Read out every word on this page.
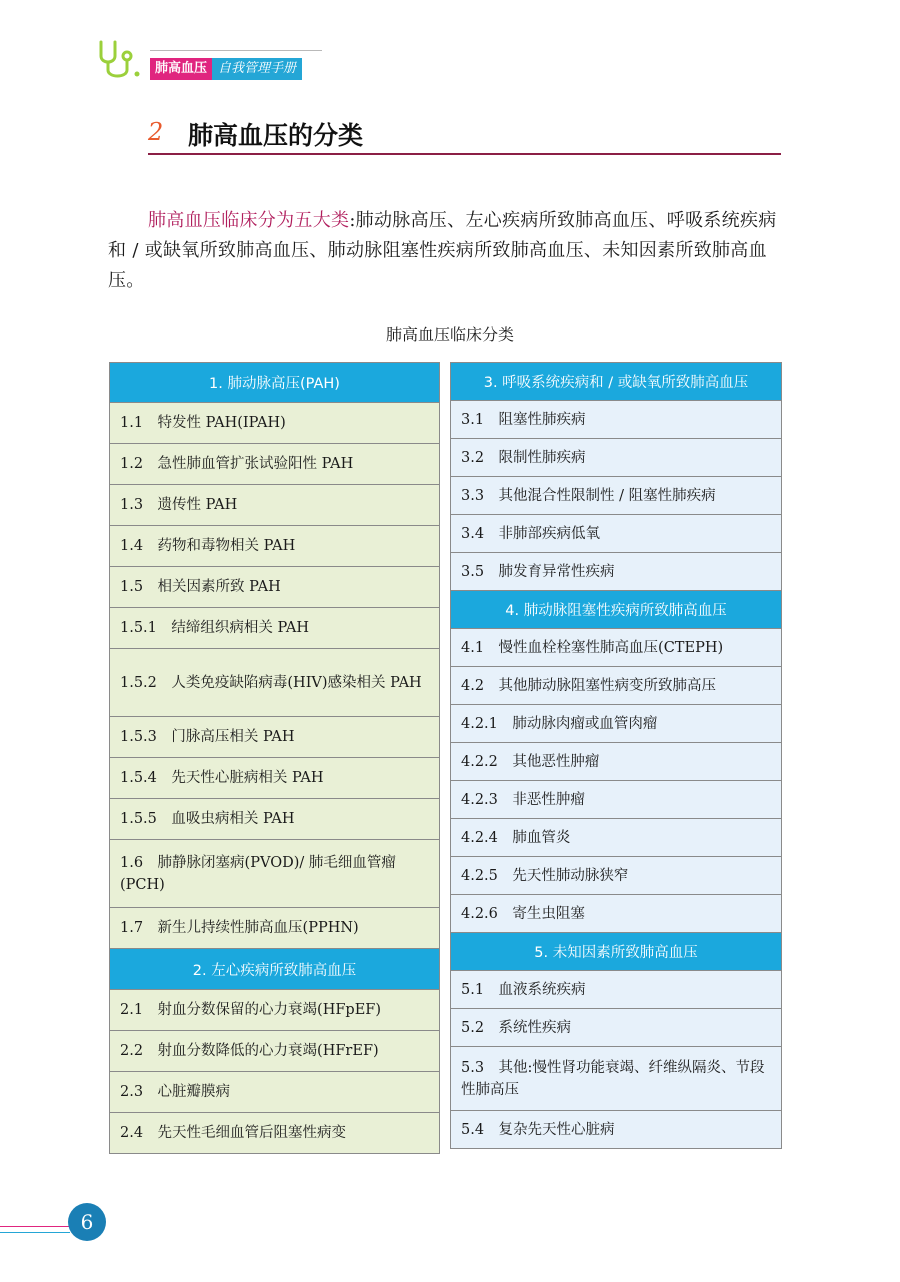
肺高血压 自我管理手册
2 肺高血压的分类
肺高血压临床分为五大类:肺动脉高压、左心疾病所致肺高血压、呼吸系统疾病和 / 或缺氧所致肺高血压、肺动脉阻塞性疾病所致肺高血压、未知因素所致肺高血压。
肺高血压临床分类
1. 肺动脉高压(PAH)
1.1　特发性 PAH(IPAH)
1.2　急性肺血管扩张试验阳性 PAH
1.3　遗传性 PAH
1.4　药物和毒物相关 PAH
1.5　相关因素所致 PAH
1.5.1　结缔组织病相关 PAH
1.5.2　人类免疫缺陷病毒(HIV)感染相关 PAH
1.5.3　门脉高压相关 PAH
1.5.4　先天性心脏病相关 PAH
1.5.5　血吸虫病相关 PAH
1.6　肺静脉闭塞病(PVOD)/ 肺毛细血管瘤(PCH)
1.7　新生儿持续性肺高血压(PPHN)
2. 左心疾病所致肺高血压
2.1　射血分数保留的心力衰竭(HFpEF)
2.2　射血分数降低的心力衰竭(HFrEF)
2.3　心脏瓣膜病
2.4　先天性毛细血管后阻塞性病变
3. 呼吸系统疾病和 / 或缺氧所致肺高血压
3.1　阻塞性肺疾病
3.2　限制性肺疾病
3.3　其他混合性限制性 / 阻塞性肺疾病
3.4　非肺部疾病低氧
3.5　肺发育异常性疾病
4. 肺动脉阻塞性疾病所致肺高血压
4.1　慢性血栓栓塞性肺高血压(CTEPH)
4.2　其他肺动脉阻塞性病变所致肺高压
4.2.1　肺动脉肉瘤或血管肉瘤
4.2.2　其他恶性肿瘤
4.2.3　非恶性肿瘤
4.2.4　肺血管炎
4.2.5　先天性肺动脉狭窄
4.2.6　寄生虫阻塞
5. 未知因素所致肺高血压
5.1　血液系统疾病
5.2　系统性疾病
5.3　其他:慢性肾功能衰竭、纤维纵隔炎、节段性肺高压
5.4　复杂先天性心脏病
6
